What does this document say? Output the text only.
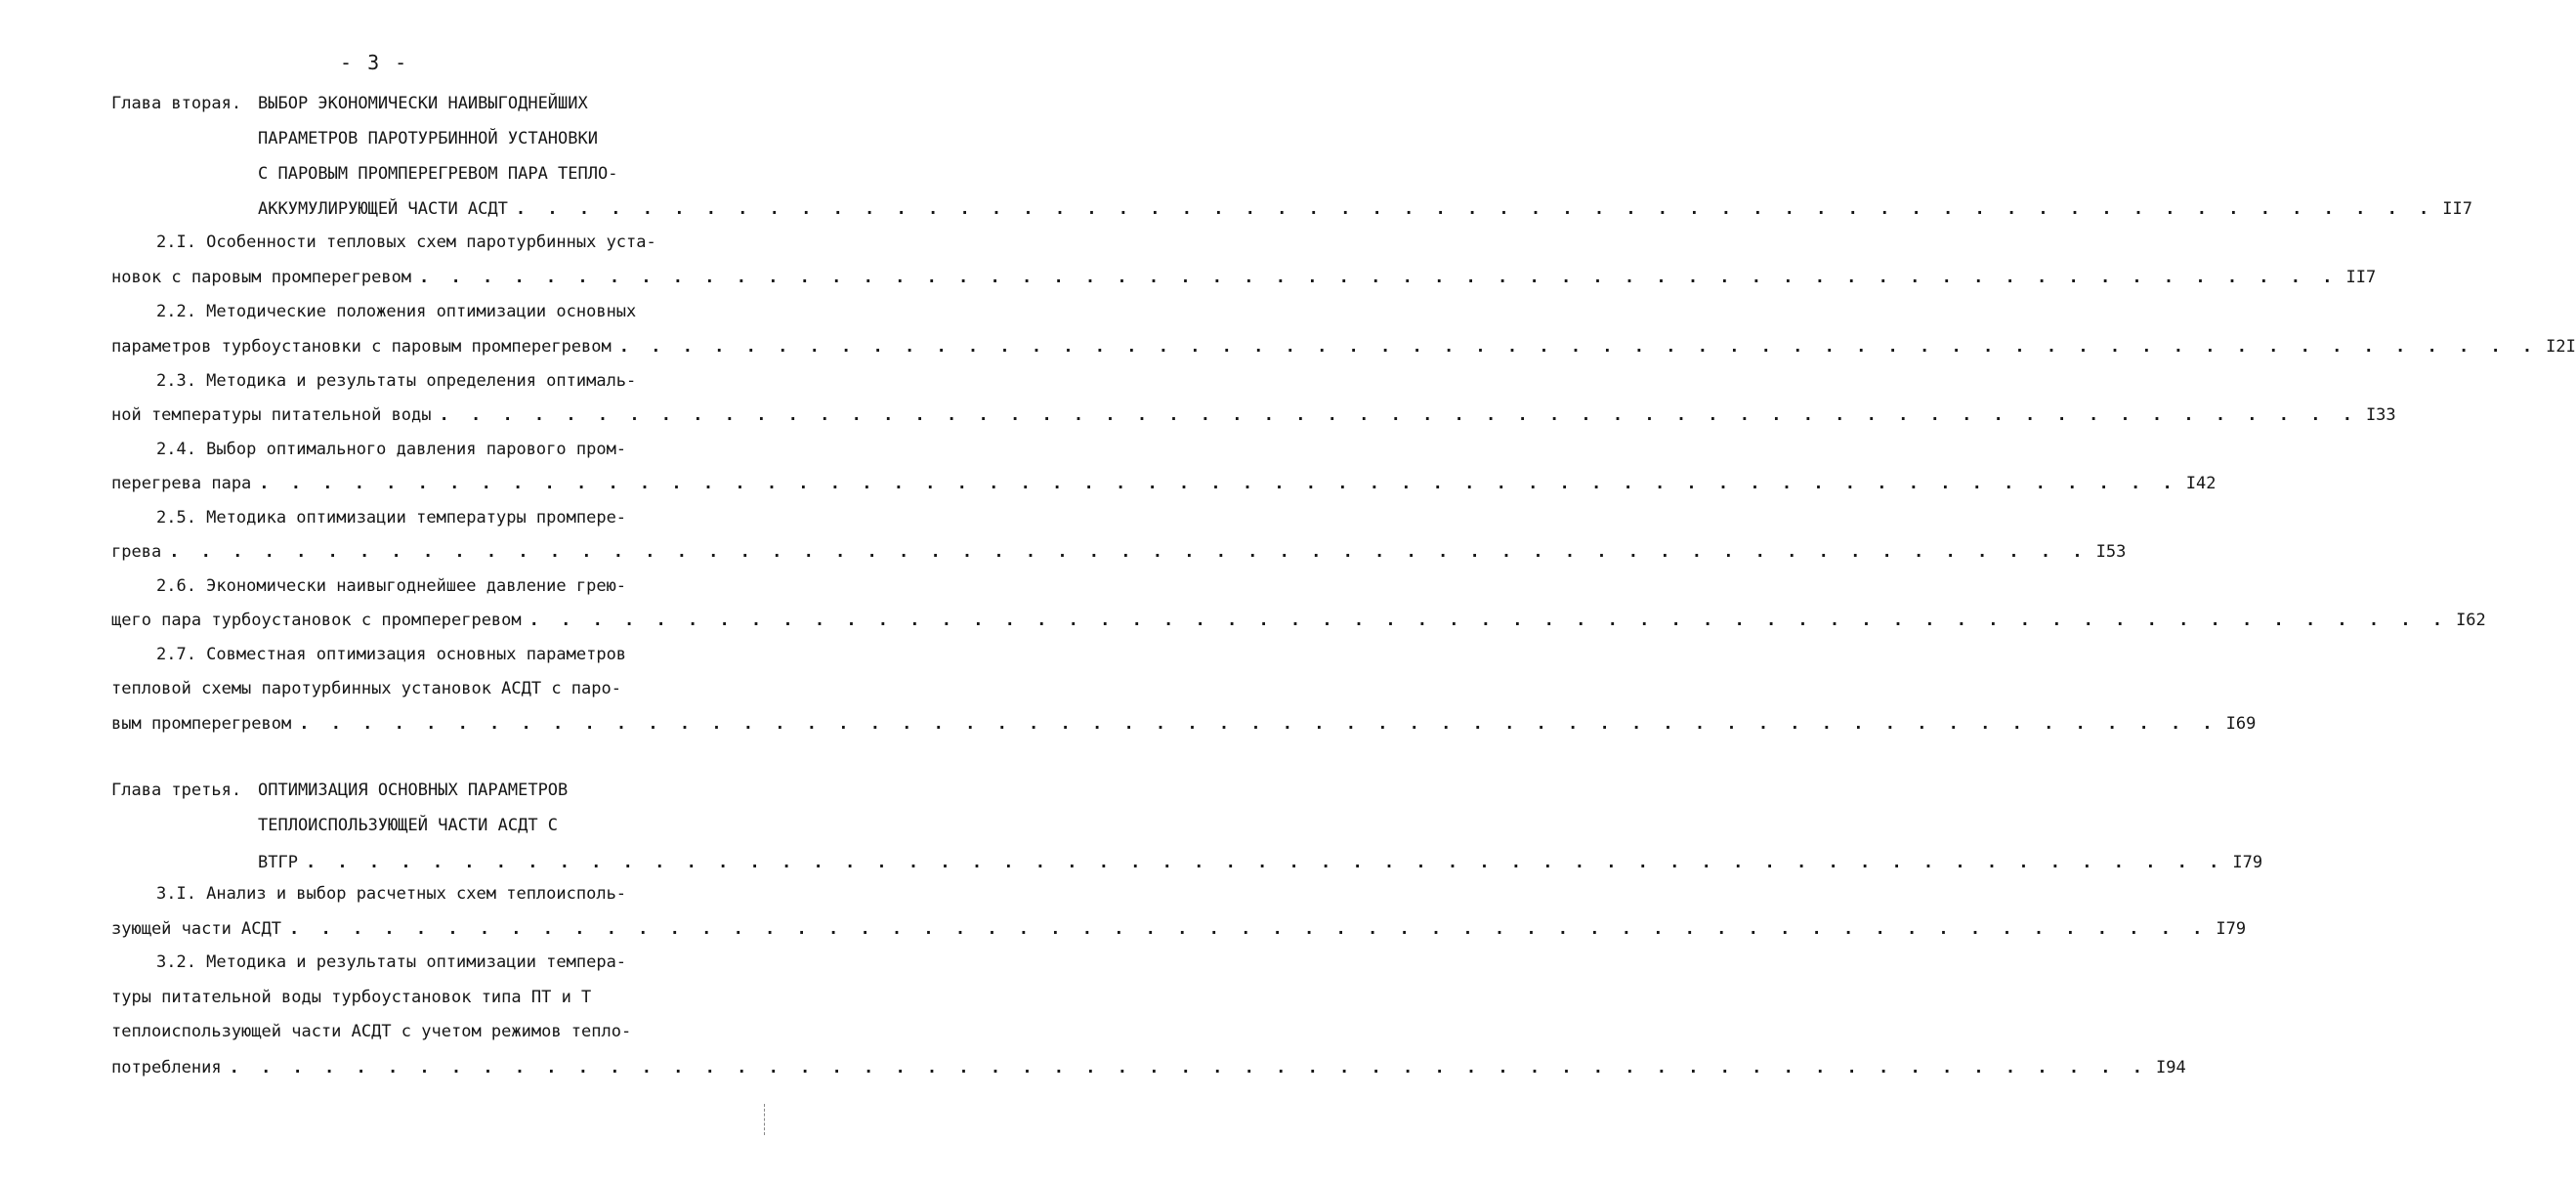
- 3 -
Глава вторая. ВЫБОР ЭКОНОМИЧЕСКИ НАИВЫГОДНЕЙШИХ
ПАРАМЕТРОВ ПАРОТУРБИННОЙ УСТАНОВКИ
С ПАРОВЫМ ПРОМПЕРЕГРЕВОМ ПАРА ТЕПЛО-
АККУМУЛИРУЮЩЕЙ ЧАСТИ АСДТ . . . . . . . . . . . . . . . . . . . . . . . . . . . . . . . . . . . . . . . . . . . . . . . . . . . . . . . . . . . . . II7
2.I. Особенности тепловых схем паротурбинных уста-
новок с паровым промперегревом . . . . . . . . . . . . . . . . . . . . . . . . . . . . . . . . . . . . . . . . . . . . . . . . . . . . . . . . . . . . . II7
2.2. Методические положения оптимизации основных
параметров турбоустановки с паровым промперегревом . . . . . . . . . . . . . . . . . . . . . . . . . . . . . . . . . . . . . . . . . . . . . . . . . . . . . . . . . . . . . I2I
2.3. Методика и результаты определения оптималь-
ной температуры питательной воды . . . . . . . . . . . . . . . . . . . . . . . . . . . . . . . . . . . . . . . . . . . . . . . . . . . . . . . . . . . . . I33
2.4. Выбор оптимального давления парового пром-
перегрева пара . . . . . . . . . . . . . . . . . . . . . . . . . . . . . . . . . . . . . . . . . . . . . . . . . . . . . . . . . . . . . I42
2.5. Методика оптимизации температуры промпере-
грева . . . . . . . . . . . . . . . . . . . . . . . . . . . . . . . . . . . . . . . . . . . . . . . . . . . . . . . . . . . . . I53
2.6. Экономически наивыгоднейшее давление грею-
щего пара турбоустановок с промперегревом . . . . . . . . . . . . . . . . . . . . . . . . . . . . . . . . . . . . . . . . . . . . . . . . . . . . . . . . . . . . . I62
2.7. Совместная оптимизация основных параметров
тепловой схемы паротурбинных установок АСДТ с паро-
вым промперегревом . . . . . . . . . . . . . . . . . . . . . . . . . . . . . . . . . . . . . . . . . . . . . . . . . . . . . . . . . . . . . I69
Глава третья. ОПТИМИЗАЦИЯ ОСНОВНЫХ ПАРАМЕТРОВ
ТЕПЛОИСПОЛЬЗУЮЩЕЙ ЧАСТИ АСДТ С
ВТГР . . . . . . . . . . . . . . . . . . . . . . . . . . . . . . . . . . . . . . . . . . . . . . . . . . . . . . . . . . . . . I79
3.I. Анализ и выбор расчетных схем теплоисполь-
зующей части АСДТ . . . . . . . . . . . . . . . . . . . . . . . . . . . . . . . . . . . . . . . . . . . . . . . . . . . . . . . . . . . . . I79
3.2. Методика и результаты оптимизации темпера-
туры питательной воды турбоустановок типа ПТ и Т
теплоиспользующей части АСДТ с учетом режимов тепло-
потребления . . . . . . . . . . . . . . . . . . . . . . . . . . . . . . . . . . . . . . . . . . . . . . . . . . . . . . . . . . . . . I94
